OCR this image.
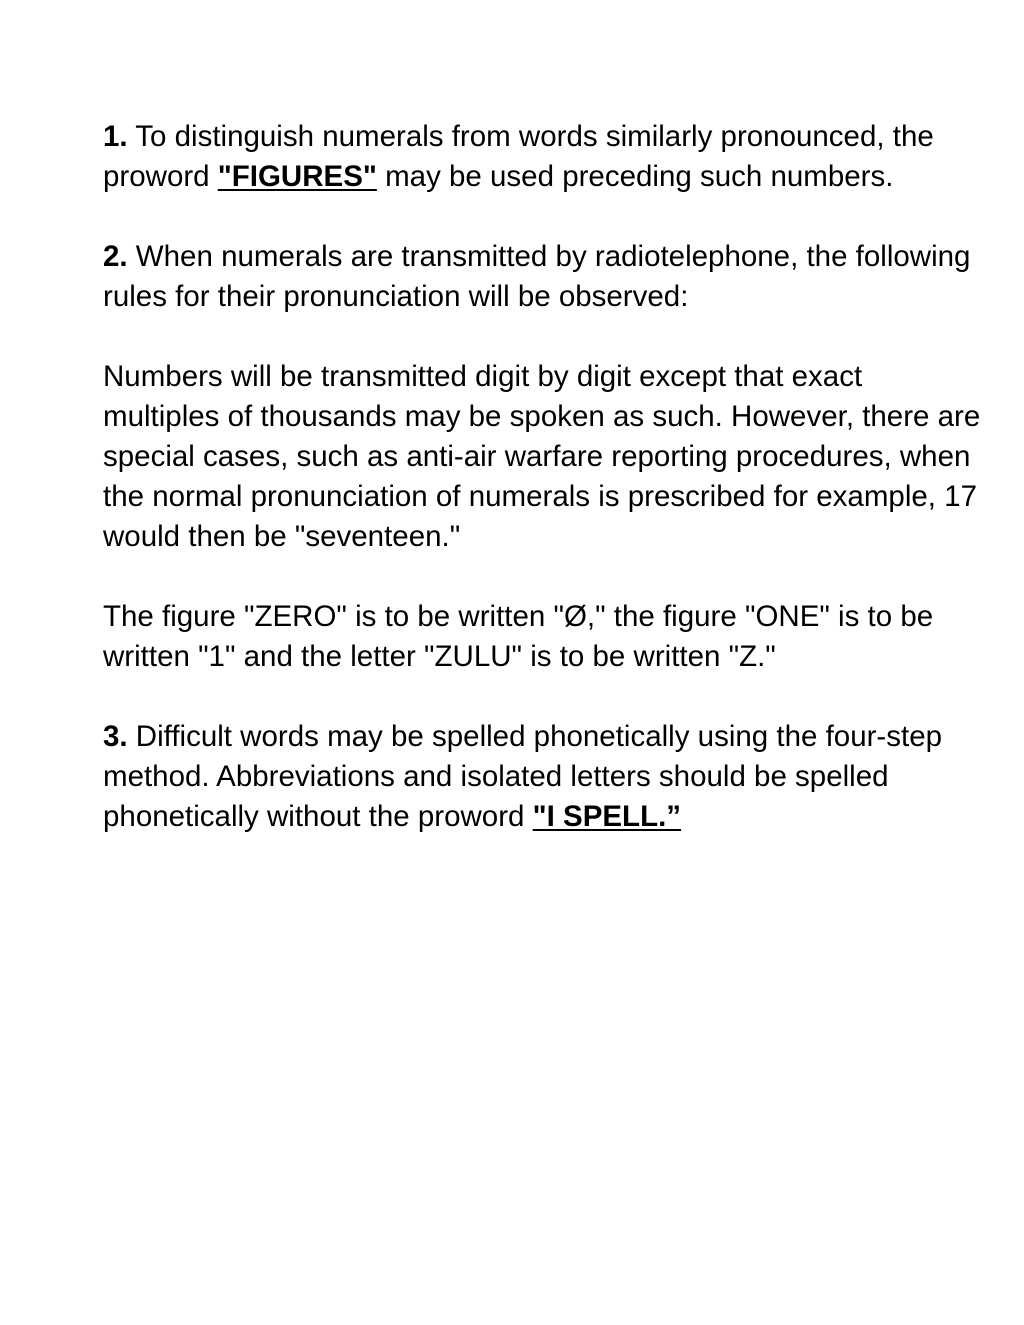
1. To distinguish numerals from words similarly pronounced, the proword "FIGURES" may be used preceding such numbers.

2. When numerals are transmitted by radiotelephone, the following rules for their pronunciation will be observed:

Numbers will be transmitted digit by digit except that exact multiples of thousands may be spoken as such. However, there are special cases, such as anti-air warfare reporting procedures, when the normal pronunciation of numerals is prescribed for example, 17 would then be "seventeen."

The figure "ZERO" is to be written "Ø," the figure "ONE" is to be written "1" and the letter "ZULU" is to be written "Z."

3. Difficult words may be spelled phonetically using the four-step method. Abbreviations and isolated letters should be spelled phonetically without the proword "I SPELL.”
